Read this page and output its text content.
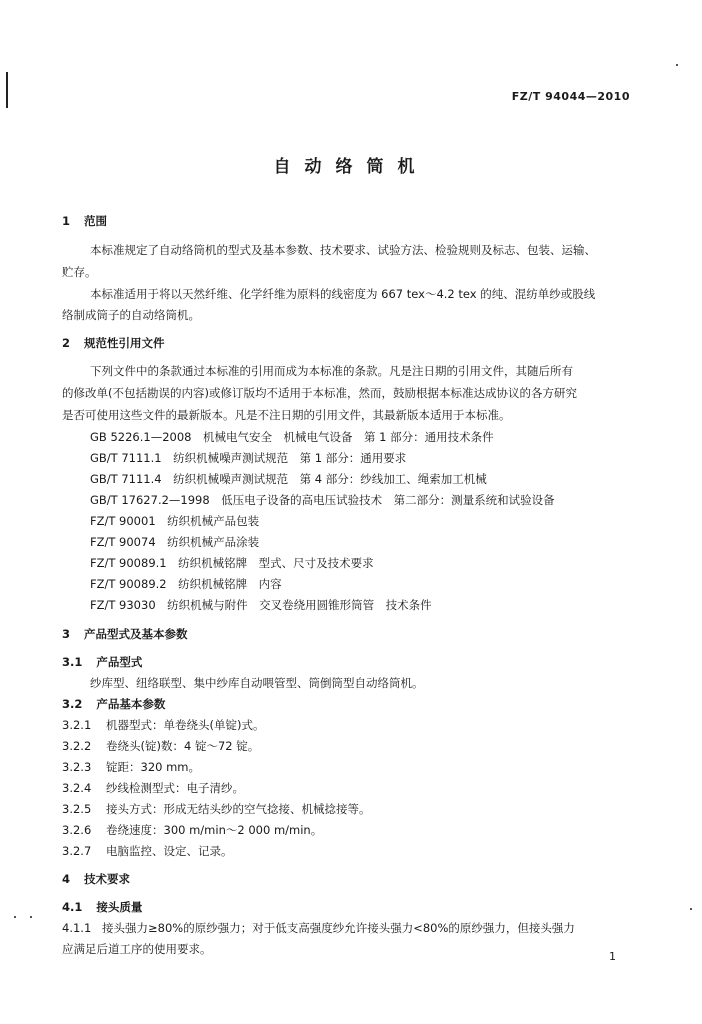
FZ/T 94044—2010
自动络筒机
1 范围
本标准规定了自动络筒机的型式及基本参数、技术要求、试验方法、检验规则及标志、包装、运输、
贮存。
本标准适用于将以天然纤维、化学纤维为原料的线密度为 667 tex～4.2 tex 的纯、混纺单纱或股线
络制成筒子的自动络筒机。
2 规范性引用文件
下列文件中的条款通过本标准的引用而成为本标准的条款。凡是注日期的引用文件，其随后所有
的修改单(不包括勘误的内容)或修订版均不适用于本标准，然而，鼓励根据本标准达成协议的各方研究
是否可使用这些文件的最新版本。凡是不注日期的引用文件，其最新版本适用于本标准。
GB 5226.1—2008　机械电气安全　机械电气设备　第 1 部分：通用技术条件
GB/T 7111.1　纺织机械噪声测试规范　第 1 部分：通用要求
GB/T 7111.4　纺织机械噪声测试规范　第 4 部分：纱线加工、绳索加工机械
GB/T 17627.2—1998　低压电子设备的高电压试验技术　第二部分：测量系统和试验设备
FZ/T 90001　纺织机械产品包装
FZ/T 90074　纺织机械产品涂装
FZ/T 90089.1　纺织机械铭牌　型式、尺寸及技术要求
FZ/T 90089.2　纺织机械铭牌　内容
FZ/T 93030　纺织机械与附件　交叉卷绕用圆锥形筒管　技术条件
3 产品型式及基本参数
3.1 产品型式
纱库型、纽络联型、集中纱库自动喂管型、筒倒筒型自动络筒机。
3.2 产品基本参数
3.2.1 机器型式：单卷绕头(单锭)式。
3.2.2 卷绕头(锭)数：4 锭～72 锭。
3.2.3 锭距：320 mm。
3.2.4 纱线检测型式：电子清纱。
3.2.5 接头方式：形成无结头纱的空气捻接、机械捻接等。
3.2.6 卷绕速度：300 m/min～2 000 m/min。
3.2.7 电脑监控、设定、记录。
4 技术要求
4.1 接头质量
4.1.1 接头强力≥80%的原纱强力；对于低支高强度纱允许接头强力<80%的原纱强力，但接头强力
应满足后道工序的使用要求。
1
